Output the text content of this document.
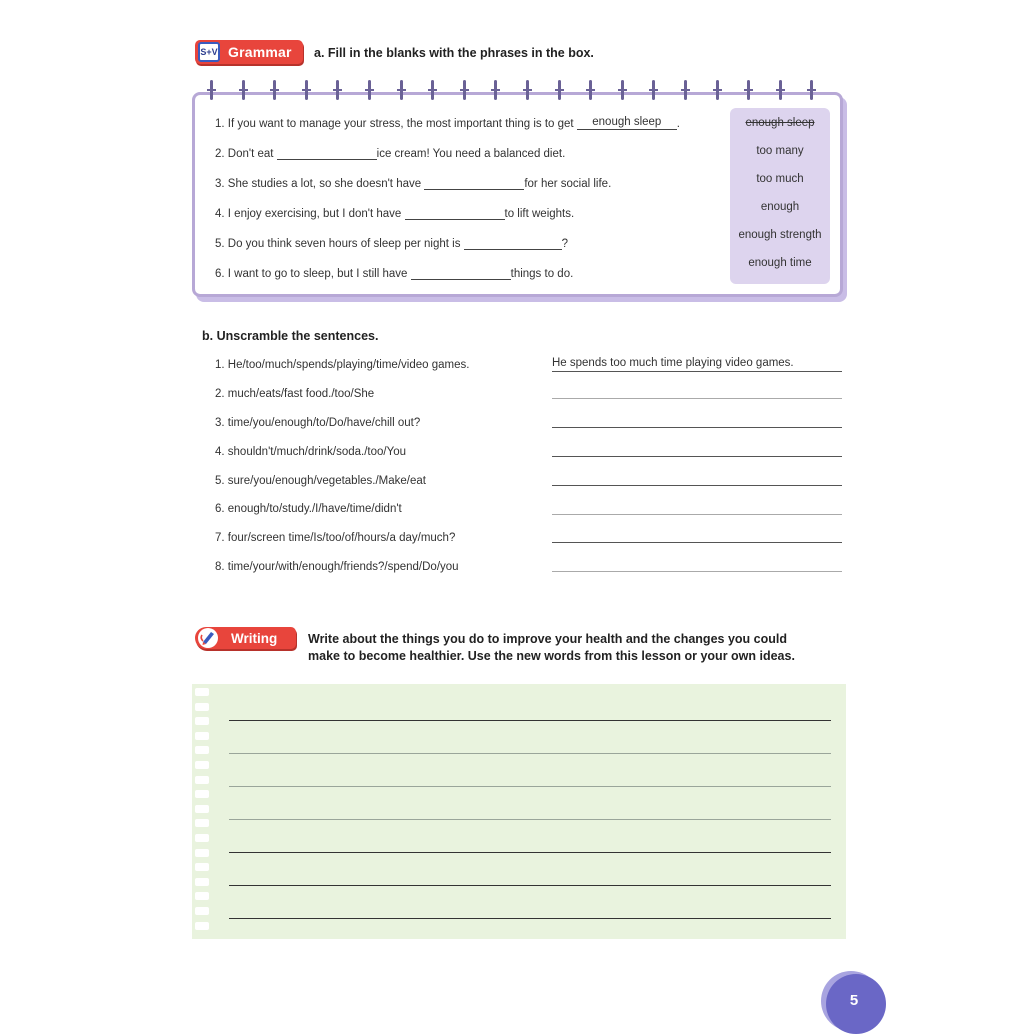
S+V Grammar a. Fill in the blanks with the phrases in the box.
1. If you want to manage your stress, the most important thing is to get enough sleep .
2. Don't eat	ice cream! You need a balanced diet.
3. She studies a lot, so she doesn't have	for her social life.
4. I enjoy exercising, but I don't have	to lift weights.
5. Do you think seven hours of sleep per night is	?
6. I want to go to sleep, but I still have	things to do.
enough sleep
too many
too much
enough
enough strength
enough time
b. Unscramble the sentences.
1. He/too/much/spends/playing/time/video games.	He spends too much time playing video games.
2. much/eats/fast food./too/She
3. time/you/enough/to/Do/have/chill out?
4. shouldn't/much/drink/soda./too/You
5. sure/you/enough/vegetables./Make/eat
6. enough/to/study./I/have/time/didn't
7. four/screen time/Is/too/of/hours/a day/much?
8. time/your/with/enough/friends?/spend/Do/you
Writing Write about the things you do to improve your health and the changes you could
make to become healthier. Use the new words from this lesson or your own ideas.
5
